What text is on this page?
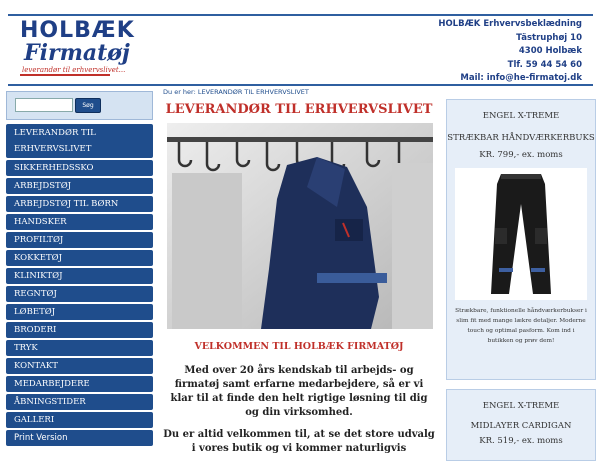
HOLBÆK
Firmatøj
leverandør til erhvervslivet...
HOLBÆK Erhvervsbeklædning
Tästruphøj 10
4300 Holbæk
Tlf. 59 44 54 60
Mail: info@he-firmatoj.dk
Søg
LEVERANDØR TIL ERHVERVSLIVET
SIKKERHEDSSKO
ARBEJDSTØJ
ARBEJDSTØJ TIL BØRN
HANDSKER
PROFILTØJ
KOKKETØJ
KLINIKTØJ
REGNTØJ
LØBETØJ
BRODERI
TRYK
KONTAKT
MEDARBEJDERE
ÅBNINGSTIDER
GALLERI
Print Version
Du er her: LEVERANDØR TIL ERHVERVSLIVET
LEVERANDØR TIL ERHVERVSLIVET
VELKOMMEN TIL HOLBÆK FIRMATØJ
Med over 20 års kendskab til arbejds- og firmatøj samt erfarne medarbejdere, så er vi klar til at finde den helt rigtige løsning til dig og din virksomhed.
Du er altid velkommen til, at se det store udvalg i vores butik og vi kommer naturligvis
ENGEL X-TREME
STRÆKBAR HÅNDVÆRKERBUKS
KR. 799,- ex. moms
Strækbare, funktionelle håndværkerbukser i slim fit med mange lækre detaljer. Moderne touch og optimal pasform. Kom ind i butikken og prøv dem!
ENGEL X-TREME
MIDLAYER CARDIGAN
KR. 519,- ex. moms
